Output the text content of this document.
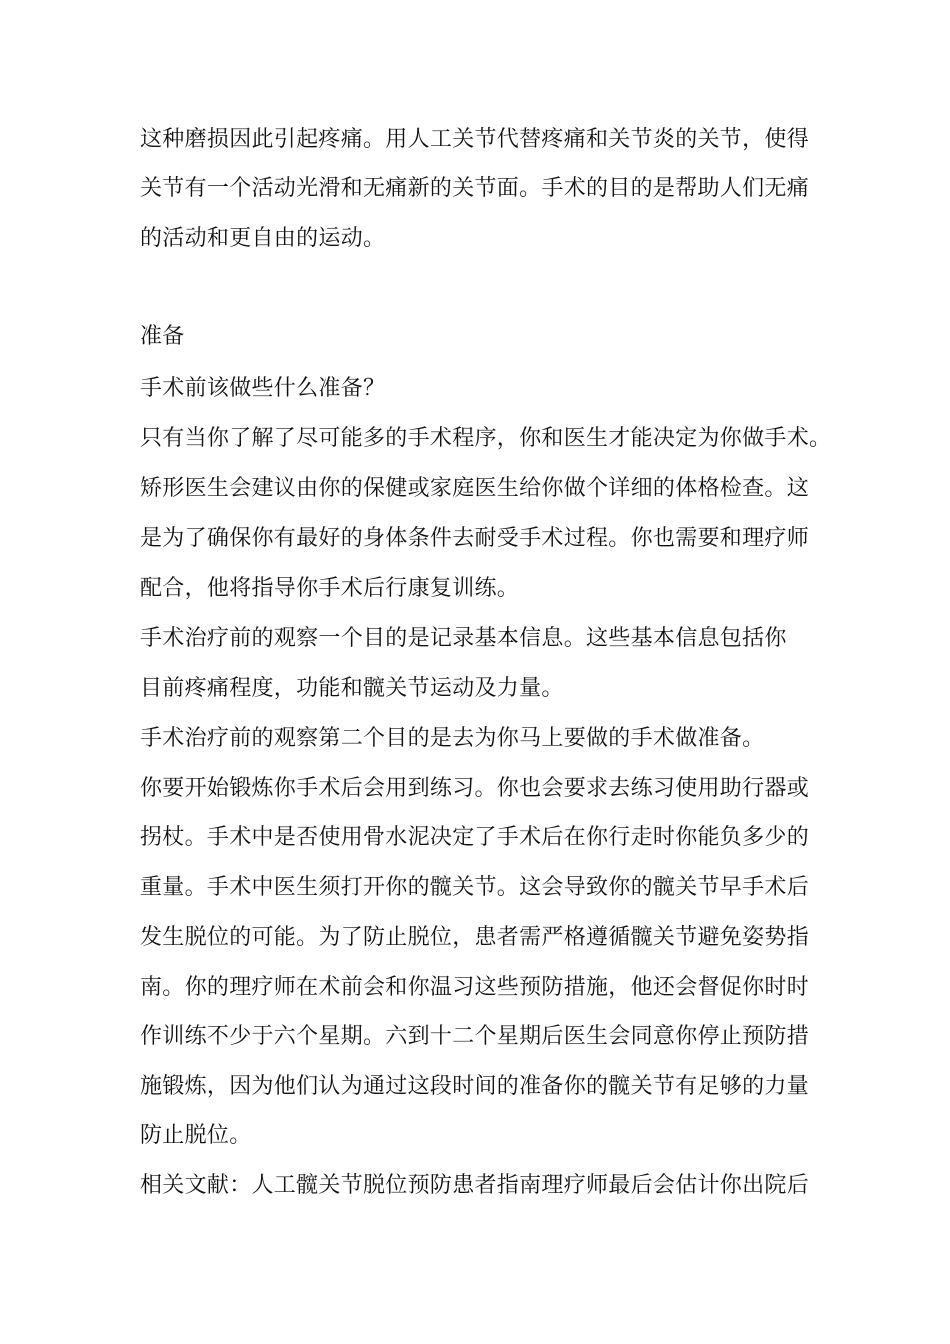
这种磨损因此引起疼痛。用人工关节代替疼痛和关节炎的关节，使得
关节有一个活动光滑和无痛新的关节面。手术的目的是帮助人们无痛
的活动和更自由的运动。
准备
手术前该做些什么准备？
只有当你了解了尽可能多的手术程序，你和医生才能决定为你做手术。
矫形医生会建议由你的保健或家庭医生给你做个详细的体格检查。这
是为了确保你有最好的身体条件去耐受手术过程。你也需要和理疗师
配合，他将指导你手术后行康复训练。
手术治疗前的观察一个目的是记录基本信息。这些基本信息包括你
目前疼痛程度，功能和髋关节运动及力量。
手术治疗前的观察第二个目的是去为你马上要做的手术做准备。
你要开始锻炼你手术后会用到练习。你也会要求去练习使用助行器或
拐杖。手术中是否使用骨水泥决定了手术后在你行走时你能负多少的
重量。手术中医生须打开你的髋关节。这会导致你的髋关节早手术后
发生脱位的可能。为了防止脱位，患者需严格遵循髋关节避免姿势指
南。你的理疗师在术前会和你温习这些预防措施，他还会督促你时时
作训练不少于六个星期。六到十二个星期后医生会同意你停止预防措
施锻炼，因为他们认为通过这段时间的准备你的髋关节有足够的力量
防止脱位。
相关文献：人工髋关节脱位预防患者指南理疗师最后会估计你出院后
